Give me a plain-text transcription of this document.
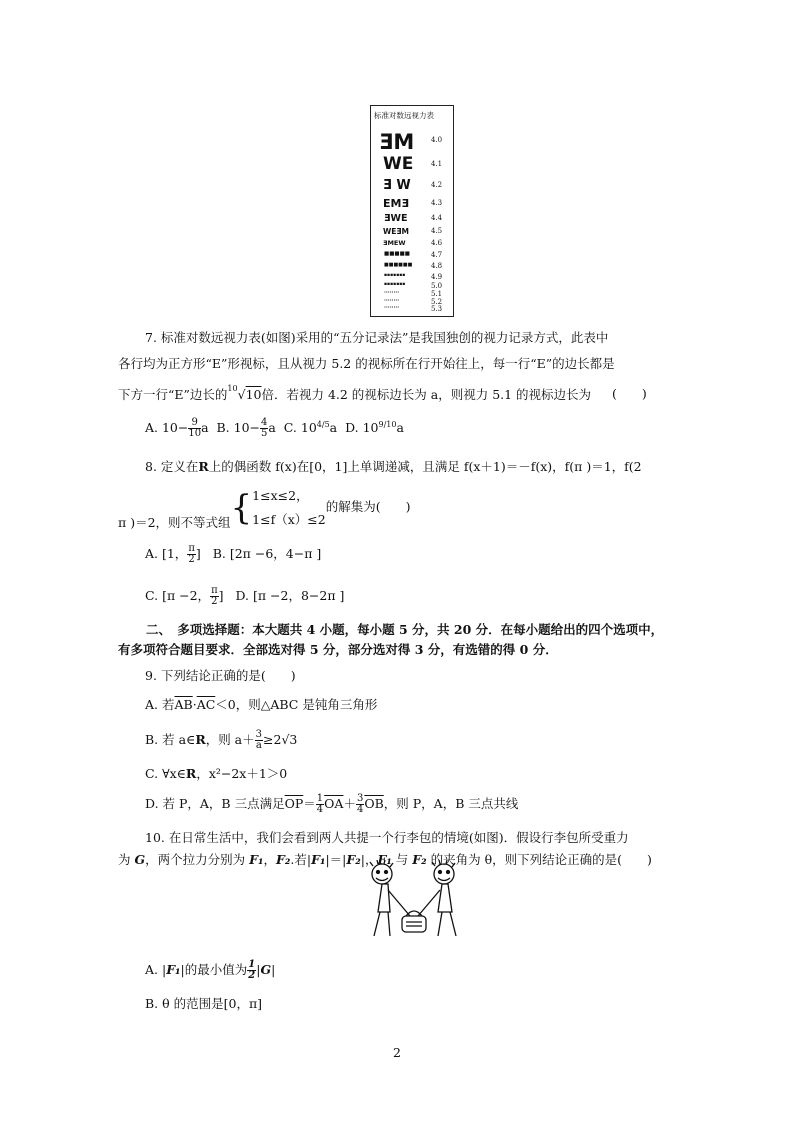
标准对数远视力表
ƎM 4.0
WE	4.1
Ǝ W	4.2
EMƎ	4.3
ƎWE	4.4
WEƎM	4.5
ƎMEW	4.6
■■■■■	4.7
■■■■■■	4.8
▪▪▪▪▪▪▪	4.9
▪▪▪▪▪▪▪	5.0
········	5.1
········	5.2
········	5.3
7. 标准对数远视力表(如图)采用的“五分记录法”是我国独创的视力记录方式，此表中
各行均为正方形“E”形视标，且从视力 5.2 的视标所在行开始往上，每一行“E”的边长都是
下方一行“E”边长的$^{10}$√10倍．若视力 4.2 的视标边长为 a，则视力 5.1 的视标边长为 (　　)
A. $10- \frac{9}{10}$ a B. $10- \frac{4}{5}$ a C. $10^{4/5}a$ D. $10^{9/10}a$
8. 定义在R上的偶函数 f(x)在[0，1]上单调递减，且满足 f(x＋1)＝－f(x)，f(π )＝1，f(2
π )＝2，则不等式组{ 1≤x≤2，
1≤f（x）≤2
的解集为(　　)
A. [1， $\frac{\pi}{2}$ ] B. [2π −6，4−π ]
C. [π −2， $\frac{\pi}{2}$ ] D. [π −2，8−2π ]
二、　多项选择题：本大题共 4 小题，每小题 5 分，共 20 分．在每小题给出的四个选项中，有多项符合题目要求．全部选对得 5 分，部分选对得 3 分，有选错的得 0 分．
9. 下列结论正确的是(　　)
A. 若$\overline{AB}\cdot\overline{AC}<0$，则△ABC 是钝角三角形
B. 若 a∈R，则 $a+ \frac{3}{a} \ge 2√3$
C. ∀x∈R，x²−2x＋1＞0
D. 若 P，A，B 三点满足$\overline{OP}= \frac{1}{4} \overline{OA}+ \frac{3}{4} \overline{OB}$，则 P，A，B 三点共线
10. 在日常生活中，我们会看到两人共提一个行李包的情境(如图)．假设行李包所受重力
为 G，两个拉力分别为 F₁，F₂.若|F₁|＝|F₂|，F₁ 与 F₂ 的夹角为 θ，则下列结论正确的是(　　)
A. |F₁|的最小值为 $\frac{1}{2} |G|$
B. θ 的范围是[0，π]
2
